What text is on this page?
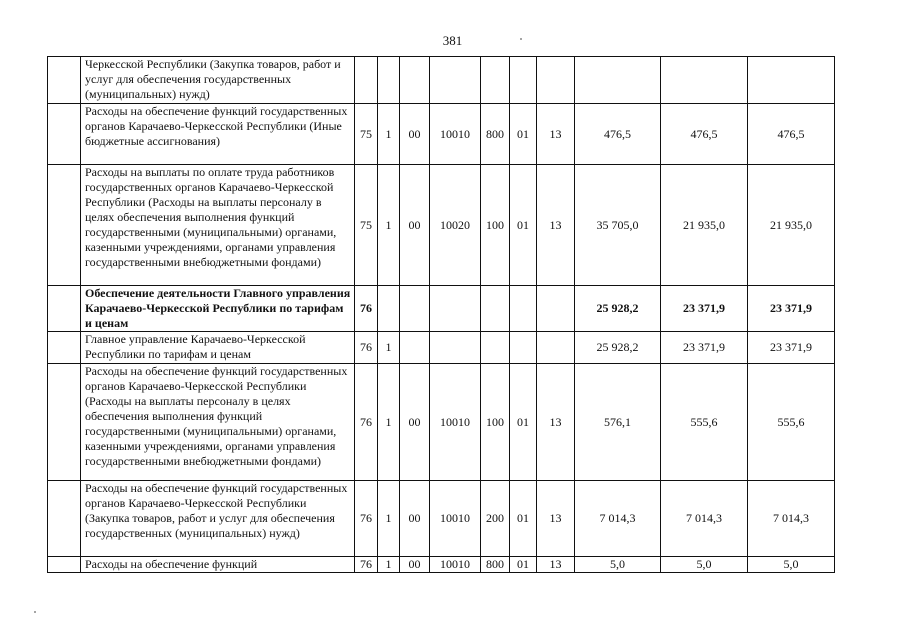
381
	Черкесской Республики (Закупка товаров, работ и услуг для обеспечения государственных (муниципальных) нужд)										
	Расходы на обеспечение функций государственных органов Карачаево-Черкесской Республики (Иные бюджетные ассигнования)	75	1	00	10010	800	01	13	476,5	476,5	476,5
	Расходы на выплаты по оплате труда работников государственных органов Карачаево-Черкесской Республики (Расходы на выплаты персоналу в целях обеспечения выполнения функций государственными (муниципальными) органами, казенными учреждениями, органами управления государственными внебюджетными фондами)	75	1	00	10020	100	01	13	35 705,0	21 935,0	21 935,0
	Обеспечение деятельности Главного управления Карачаево-Черкесской Республики по тарифам и ценам	76							25 928,2	23 371,9	23 371,9
	Главное управление Карачаево-Черкесской Республики по тарифам и ценам	76	1						25 928,2	23 371,9	23 371,9
	Расходы на обеспечение функций государственных органов Карачаево-Черкесской Республики (Расходы на выплаты персоналу в целях обеспечения выполнения функций государственными (муниципальными) органами, казенными учреждениями, органами управления государственными внебюджетными фондами)	76	1	00	10010	100	01	13	576,1	555,6	555,6
	Расходы на обеспечение функций государственных органов Карачаево-Черкесской Республики (Закупка товаров, работ и услуг для обеспечения государственных (муниципальных) нужд)	76	1	00	10010	200	01	13	7 014,3	7 014,3	7 014,3
	Расходы на обеспечение функций	76	1	00	10010	800	01	13	5,0	5,0	5,0
